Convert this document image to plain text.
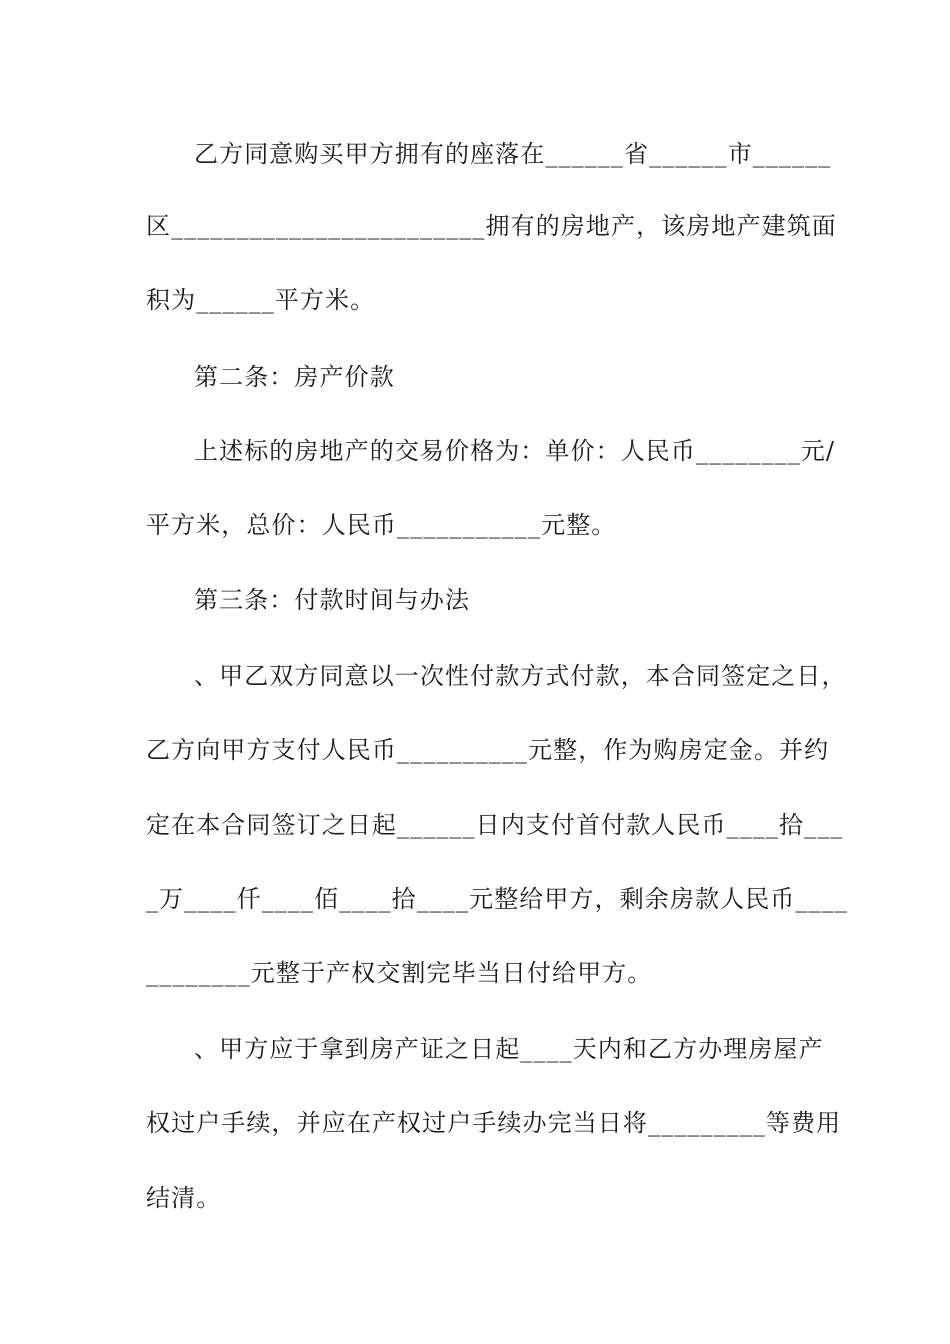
乙方同意购买甲方拥有的座落在______省______市______
区________________________拥有的房地产，该房地产建筑面
积为______平方米。
第二条：房产价款
上述标的房地产的交易价格为：单价：人民币________元/
平方米，总价：人民币___________元整。
第三条：付款时间与办法
、甲乙双方同意以一次性付款方式付款，本合同签定之日，
乙方向甲方支付人民币__________元整，作为购房定金。并约
定在本合同签订之日起______日内支付首付款人民币____拾___
_万____仟____佰____拾____元整给甲方，剩余房款人民币____
________元整于产权交割完毕当日付给甲方。
、甲方应于拿到房产证之日起____天内和乙方办理房屋产
权过户手续，并应在产权过户手续办完当日将_________等费用
结清。
